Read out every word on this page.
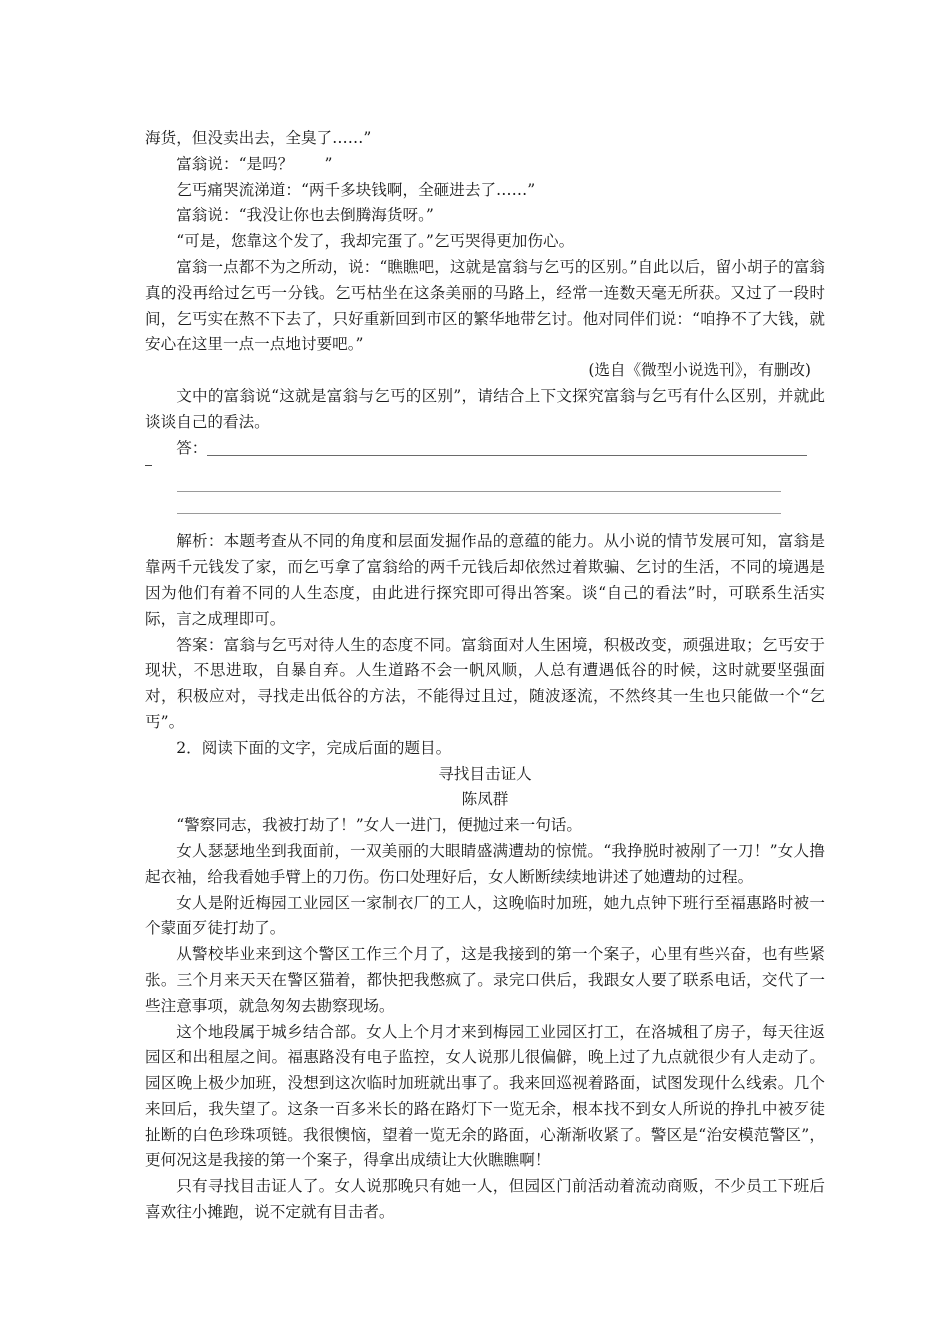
海货，但没卖出去，全臭了……”

富翁说：“是吗？　　”

乞丐痛哭流涕道：“两千多块钱啊，全砸进去了……”

富翁说：“我没让你也去倒腾海货呀。”

“可是，您靠这个发了，我却完蛋了。”乞丐哭得更加伤心。

富翁一点都不为之所动，说：“瞧瞧吧，这就是富翁与乞丐的区别。”自此以后，留小胡子的富翁真的没再给过乞丐一分钱。乞丐枯坐在这条美丽的马路上，经常一连数天毫无所获。又过了一段时间，乞丐实在熬不下去了，只好重新回到市区的繁华地带乞讨。他对同伴们说：“咱挣不了大钱，就安心在这里一点一点地讨要吧。”

(选自《微型小说选刊》，有删改)

文中的富翁说“这就是富翁与乞丐的区别”，请结合上下文探究富翁与乞丐有什么区别，并就此谈谈自己的看法。

答：

解析：本题考查从不同的角度和层面发掘作品的意蕴的能力。从小说的情节发展可知，富翁是靠两千元钱发了家，而乞丐拿了富翁给的两千元钱后却依然过着欺骗、乞讨的生活，不同的境遇是因为他们有着不同的人生态度，由此进行探究即可得出答案。谈“自己的看法”时，可联系生活实际，言之成理即可。

答案：富翁与乞丐对待人生的态度不同。富翁面对人生困境，积极改变，顽强进取；乞丐安于现状，不思进取，自暴自弃。人生道路不会一帆风顺，人总有遭遇低谷的时候，这时就要坚强面对，积极应对，寻找走出低谷的方法，不能得过且过，随波逐流，不然终其一生也只能做一个“乞丐”。

2．阅读下面的文字，完成后面的题目。

寻找目击证人

陈凤群

“警察同志，我被打劫了！”女人一进门，便抛过来一句话。

女人瑟瑟地坐到我面前，一双美丽的大眼睛盛满遭劫的惊慌。“我挣脱时被剐了一刀！”女人撸起衣袖，给我看她手臂上的刀伤。伤口处理好后，女人断断续续地讲述了她遭劫的过程。

女人是附近梅园工业园区一家制衣厂的工人，这晚临时加班，她九点钟下班行至福惠路时被一个蒙面歹徒打劫了。

从警校毕业来到这个警区工作三个月了，这是我接到的第一个案子，心里有些兴奋，也有些紧张。三个月来天天在警区猫着，都快把我憋疯了。录完口供后，我跟女人要了联系电话，交代了一些注意事项，就急匆匆去勘察现场。

这个地段属于城乡结合部。女人上个月才来到梅园工业园区打工，在洛城租了房子，每天往返园区和出租屋之间。福惠路没有电子监控，女人说那儿很偏僻，晚上过了九点就很少有人走动了。园区晚上极少加班，没想到这次临时加班就出事了。我来回巡视着路面，试图发现什么线索。几个来回后，我失望了。这条一百多米长的路在路灯下一览无余，根本找不到女人所说的挣扎中被歹徒扯断的白色珍珠项链。我很懊恼，望着一览无余的路面，心渐渐收紧了。警区是“治安模范警区”，更何况这是我接的第一个案子，得拿出成绩让大伙瞧瞧啊！

只有寻找目击证人了。女人说那晚只有她一人，但园区门前活动着流动商贩，不少员工下班后喜欢往小摊跑，说不定就有目击者。
